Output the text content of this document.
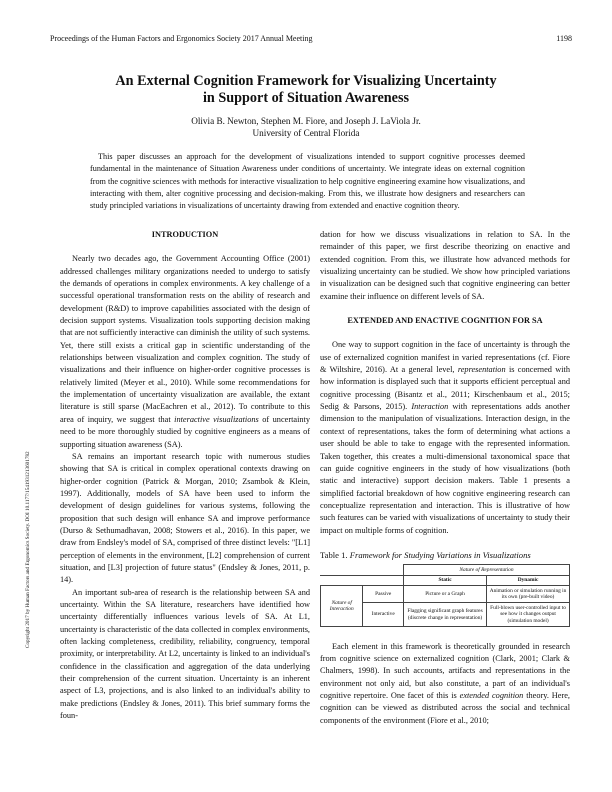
Proceedings of the Human Factors and Ergonomics Society 2017 Annual Meeting	1198
An External Cognition Framework for Visualizing Uncertainty
in Support of Situation Awareness
Olivia B. Newton, Stephen M. Fiore, and Joseph J. LaViola Jr.
University of Central Florida
This paper discusses an approach for the development of visualizations intended to support cognitive processes deemed fundamental in the maintenance of Situation Awareness under conditions of uncertainty. We integrate ideas on external cognition from the cognitive sciences with methods for interactive visualization to help cognitive engineering examine how visualizations, and interacting with them, alter cognitive processing and decision-making. From this, we illustrate how designers and researchers can study principled variations in visualizations of uncertainty drawing from extended and enactive cognition theory.
Copyright 2017 by Human Factors and Ergonomics Society. DOI 10.1177/1541931213601782
INTRODUCTION

Nearly two decades ago, the Government Accounting Office (2001) addressed challenges military organizations needed to undergo to satisfy the demands of operations in complex environments. A key challenge of a successful operational transformation rests on the ability of research and development (R&D) to improve capabilities associated with the design of decision support systems. Visualization tools supporting decision making that are not sufficiently interactive can diminish the utility of such systems. Yet, there still exists a critical gap in scientific understanding of the relationships between visualization and complex cognition. The study of visualizations and their influence on higher-order cognitive processes is relatively limited (Meyer et al., 2010). While some recommendations for the implementation of uncertainty visualization are available, the extant literature is still sparse (MacEachren et al., 2012). To contribute to this area of inquiry, we suggest that interactive visualizations of uncertainty need to be more thoroughly studied by cognitive engineers as a means of supporting situation awareness (SA).

SA remains an important research topic with numerous studies showing that SA is critical in complex operational contexts drawing on higher-order cognition (Patrick & Morgan, 2010; Zsambok & Klein, 1997). Additionally, models of SA have been used to inform the development of design guidelines for various systems, following the proposition that such design will enhance SA and improve performance (Durso & Sethumadhavan, 2008; Stowers et al., 2016). In this paper, we draw from Endsley's model of SA, comprised of three distinct levels: "[L1] perception of elements in the environment, [L2] comprehension of current situation, and [L3] projection of future status" (Endsley & Jones, 2011, p. 14).

An important sub-area of research is the relationship between SA and uncertainty. Within the SA literature, researchers have identified how uncertainty differentially influences various levels of SA. At L1, uncertainty is characteristic of the data collected in complex environments, often lacking completeness, credibility, reliability, congruency, temporal proximity, or interpretability. At L2, uncertainty is linked to an individual's confidence in the classification and aggregation of the data underlying their comprehension of the current situation. Uncertainty is an inherent aspect of L3, projections, and is also linked to an individual's ability to make predictions (Endsley & Jones, 2011). This brief summary forms the foun-

dation for how we discuss visualizations in relation to SA. In the remainder of this paper, we first describe theorizing on enactive and extended cognition. From this, we illustrate how advanced methods for visualizing uncertainty can be studied. We show how principled variations in visualization can be designed such that cognitive engineering can better examine their influence on different levels of SA.

EXTENDED AND ENACTIVE COGNITION FOR SA

One way to support cognition in the face of uncertainty is through the use of externalized cognition manifest in varied representations (cf. Fiore & Wiltshire, 2016). At a general level, representation is concerned with how information is displayed such that it supports efficient perceptual and cognitive processing (Bisantz et al., 2011; Kirschenbaum et al., 2015; Sedig & Parsons, 2015). Interaction with representations adds another dimension to the manipulation of visualizations. Interaction design, in the context of representations, takes the form of determining what actions a user should be able to take to engage with the represented information. Taken together, this creates a multi-dimensional taxonomical space that can guide cognitive engineers in the study of how visualizations (both static and interactive) support decision makers. Table 1 presents a simplified factorial breakdown of how cognitive engineering research can conceptualize representation and interaction. This is illustrative of how such features can be varied with visualizations of uncertainty to study their impact on multiple forms of cognition.

Table 1. Framework for Studying Variations in Visualizations
		Nature of Representation	
		Static	Dynamic
Nature of Interaction	Passive	Picture or a Graph	Animation or simulation running in its own (pre-built video)
	Interactive	Flagging significant graph features (discrete change in representation)	Full-blown user-controlled input to see how it changes output (simulation model)

Each element in this framework is theoretically grounded in research from cognitive science on externalized cognition (Clark, 2001; Clark & Chalmers, 1998). In such accounts, artifacts and representations in the environment not only aid, but also constitute, a part of an individual's cognitive repertoire. One facet of this is extended cognition theory. Here, cognition can be viewed as distributed across the social and technical components of the environment (Fiore et al., 2010;
